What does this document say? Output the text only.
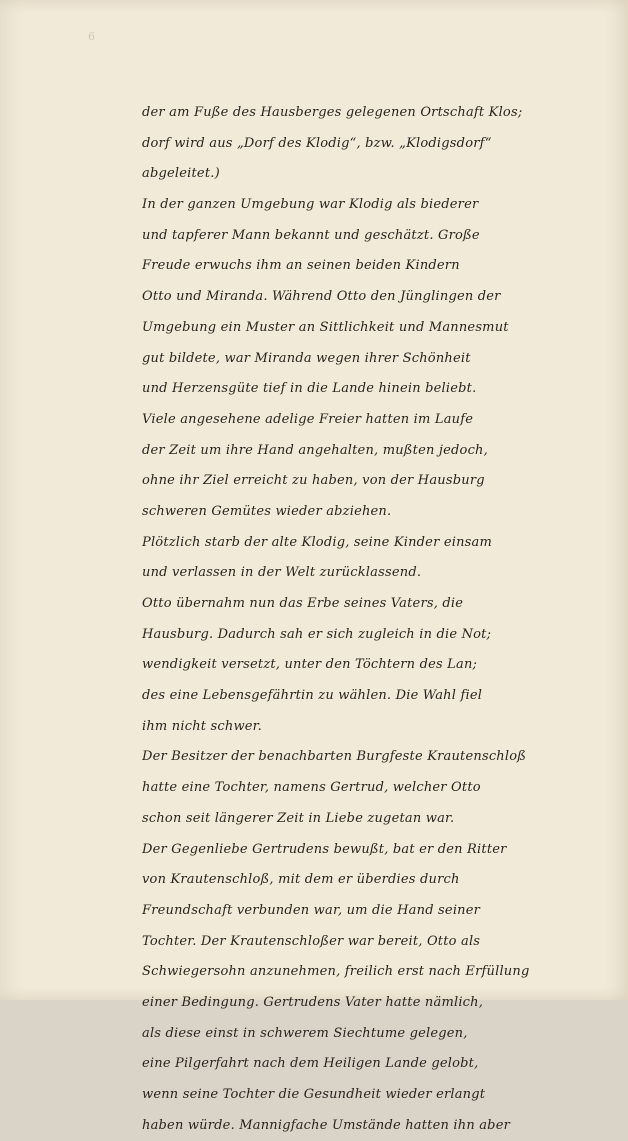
6
der am Fuße des Hausberges gelegenen Ortschaft Klos;
dorf wird aus „Dorf des Klodig“, bzw. „Klodigsdorf“
abgeleitet.)
In der ganzen Umgebung war Klodig als biederer
und tapferer Mann bekannt und geschätzt. Große
Freude erwuchs ihm an seinen beiden Kindern
Otto und Miranda. Während Otto den Jünglingen der
Umgebung ein Muster an Sittlichkeit und Mannesmut
gut bildete, war Miranda wegen ihrer Schönheit
und Herzensgüte tief in die Lande hinein beliebt.
Viele angesehene adelige Freier hatten im Laufe
der Zeit um ihre Hand angehalten, mußten jedoch,
ohne ihr Ziel erreicht zu haben, von der Hausburg
schweren Gemütes wieder abziehen.
Plötzlich starb der alte Klodig, seine Kinder einsam
und verlassen in der Welt zurücklassend.
Otto übernahm nun das Erbe seines Vaters, die
Hausburg. Dadurch sah er sich zugleich in die Not;
wendigkeit versetzt, unter den Töchtern des Lan;
des eine Lebensgefährtin zu wählen. Die Wahl fiel
ihm nicht schwer.
Der Besitzer der benachbarten Burgfeste Krautenschloß
hatte eine Tochter, namens Gertrud, welcher Otto
schon seit längerer Zeit in Liebe zugetan war.
Der Gegenliebe Gertrudens bewußt, bat er den Ritter
von Krautenschloß, mit dem er überdies durch
Freundschaft verbunden war, um die Hand seiner
Tochter. Der Krautenschloßer war bereit, Otto als
Schwiegersohn anzunehmen, freilich erst nach Erfüllung
einer Bedingung. Gertrudens Vater hatte nämlich,
als diese einst in schwerem Siechtume gelegen,
eine Pilgerfahrt nach dem Heiligen Lande gelobt,
wenn seine Tochter die Gesundheit wieder erlangt
haben würde. Mannigfache Umstände hatten ihn aber
